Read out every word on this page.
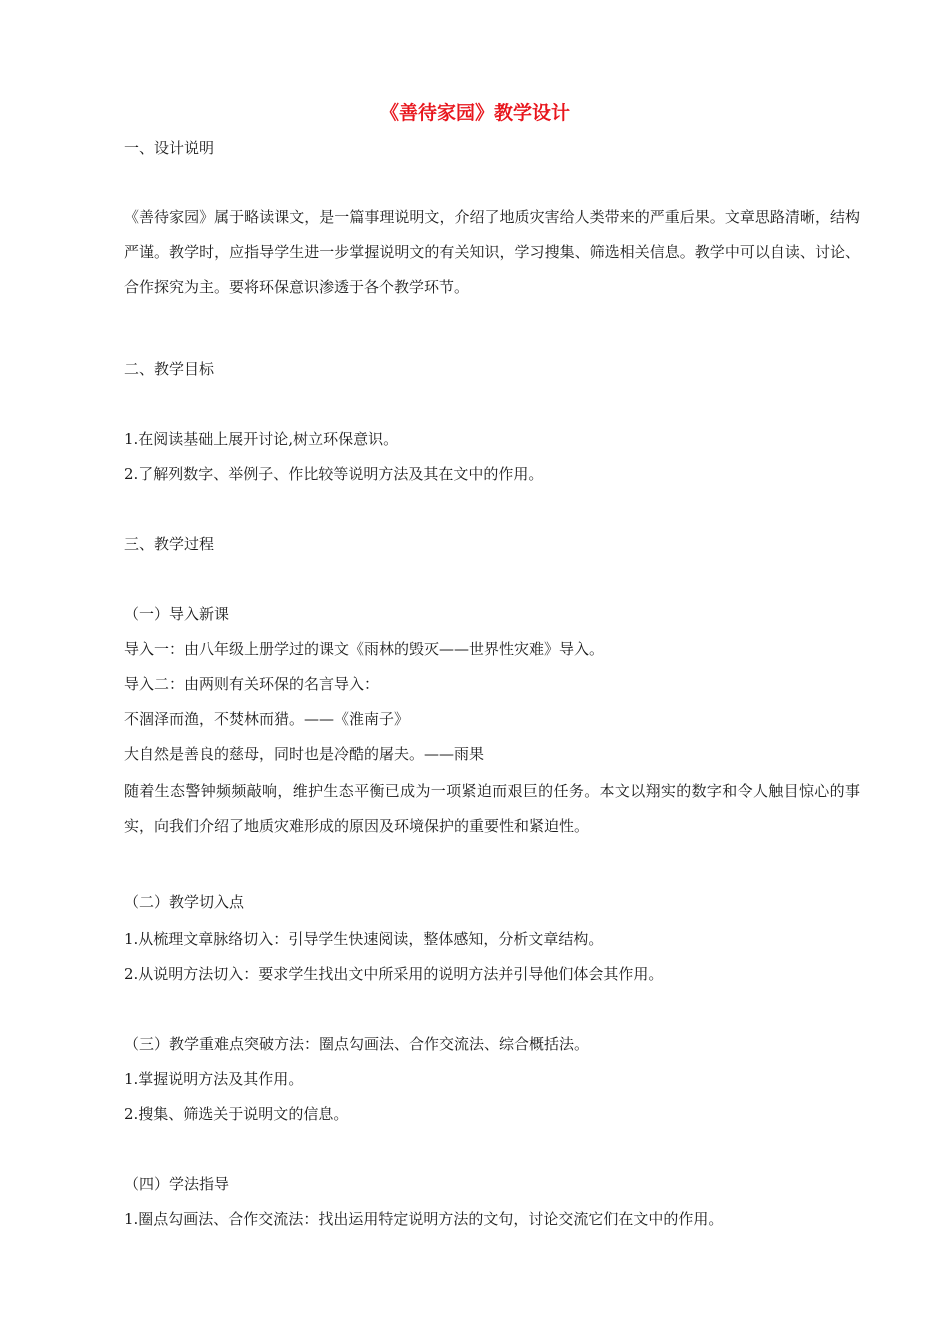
《善待家园》教学设计
一、设计说明
《善待家园》属于略读课文，是一篇事理说明文，介绍了地质灾害给人类带来的严重后果。文章思路清晰，结构严谨。教学时，应指导学生进一步掌握说明文的有关知识，学习搜集、筛选相关信息。教学中可以自读、讨论、合作探究为主。要将环保意识渗透于各个教学环节。
二、教学目标
1.在阅读基础上展开讨论,树立环保意识。
2.了解列数字、举例子、作比较等说明方法及其在文中的作用。
三、教学过程
（一）导入新课
导入一：由八年级上册学过的课文《雨林的毁灭——世界性灾难》导入。
导入二：由两则有关环保的名言导入：
不涸泽而渔，不焚林而猎。——《淮南子》
大自然是善良的慈母，同时也是冷酷的屠夫。——雨果
随着生态警钟频频敲响，维护生态平衡已成为一项紧迫而艰巨的任务。本文以翔实的数字和令人触目惊心的事实，向我们介绍了地质灾难形成的原因及环境保护的重要性和紧迫性。
（二）教学切入点
1.从梳理文章脉络切入：引导学生快速阅读，整体感知，分析文章结构。
2.从说明方法切入：要求学生找出文中所采用的说明方法并引导他们体会其作用。
（三）教学重难点突破方法：圈点勾画法、合作交流法、综合概括法。
1.掌握说明方法及其作用。
2.搜集、筛选关于说明文的信息。
（四）学法指导
1.圈点勾画法、合作交流法：找出运用特定说明方法的文句，讨论交流它们在文中的作用。
